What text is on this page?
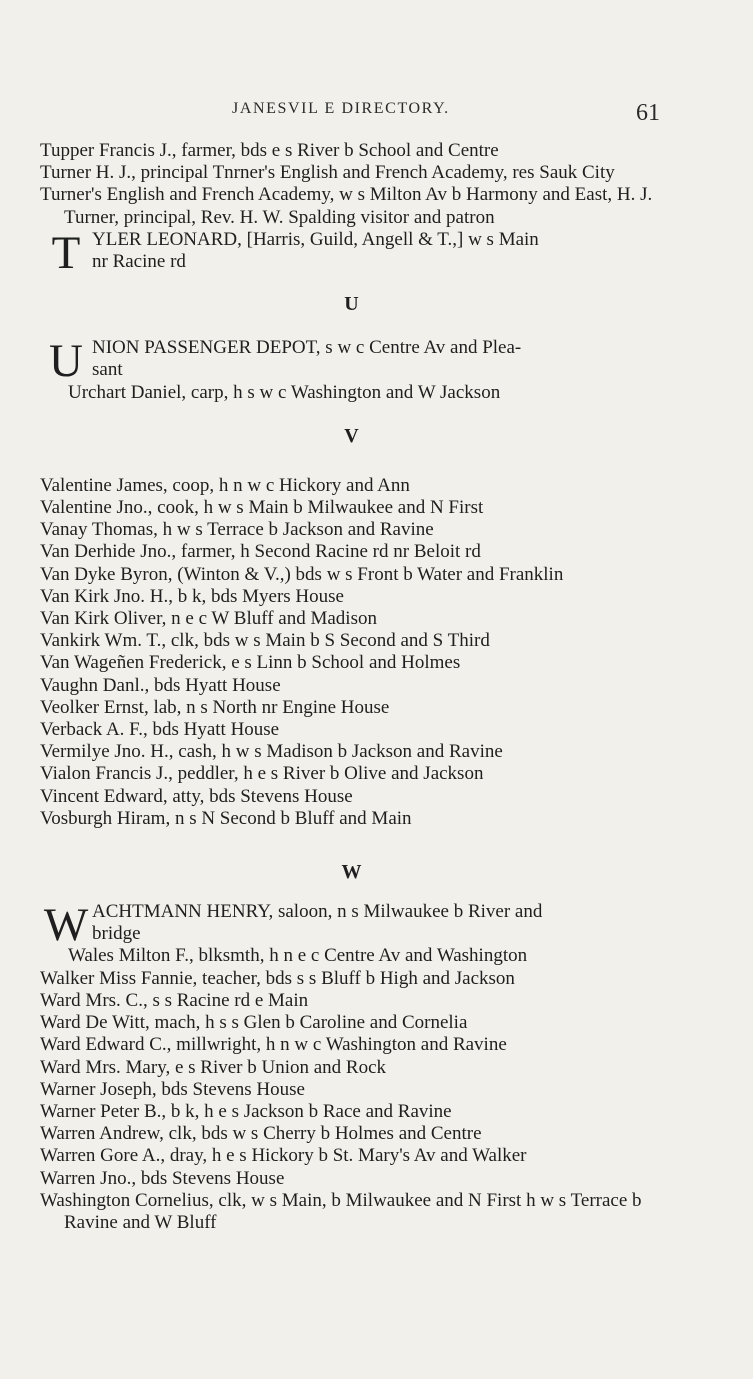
JANESVIL E DIRECTORY.	61

Tupper Francis J., farmer, bds e s River b School and Centre

Turner H. J., principal Tnrner's English and French Academy, res Sauk City

Turner's English and French Academy, w s Milton Av b Harmony and East, H. J. Turner, principal, Rev. H. W. Spalding visitor and patron

T YLER LEONARD, [Harris, Guild, Angell & T.,] w s Main
nr Racine rd
U
U NION PASSENGER DEPOT, s w c Centre Av and Plea-
sant

Urchart Daniel, carp, h s w c Washington and W Jackson

V

Valentine James, coop, h n w c Hickory and Ann

Valentine Jno., cook, h w s Main b Milwaukee and N First

Vanay Thomas, h w s Terrace b Jackson and Ravine

Van Derhide Jno., farmer, h Second Racine rd nr Beloit rd

Van Dyke Byron, (Winton & V.,) bds w s Front b Water and Franklin

Van Kirk Jno. H., b k, bds Myers House

Van Kirk Oliver, n e c W Bluff and Madison

Vankirk Wm. T., clk, bds w s Main b S Second and S Third

Van Wageñen Frederick, e s Linn b School and Holmes

Vaughn Danl., bds Hyatt House

Veolker Ernst, lab, n s North nr Engine House

Verback A. F., bds Hyatt House

Vermilye Jno. H., cash, h w s Madison b Jackson and Ravine

Vialon Francis J., peddler, h e s River b Olive and Jackson

Vincent Edward, atty, bds Stevens House

Vosburgh Hiram, n s N Second b Bluff and Main

W
W ACHTMANN HENRY, saloon, n s Milwaukee b River and
bridge

Wales Milton F., blksmth, h n e c Centre Av and Washington

Walker Miss Fannie, teacher, bds s s Bluff b High and Jackson

Ward Mrs. C., s s Racine rd e Main

Ward De Witt, mach, h s s Glen b Caroline and Cornelia

Ward Edward C., millwright, h n w c Washington and Ravine

Ward Mrs. Mary, e s River b Union and Rock

Warner Joseph, bds Stevens House

Warner Peter B., b k, h e s Jackson b Race and Ravine

Warren Andrew, clk, bds w s Cherry b Holmes and Centre

Warren Gore A., dray, h e s Hickory b St. Mary's Av and Walker

Warren Jno., bds Stevens House

Washington Cornelius, clk, w s Main, b Milwaukee and N First h w s Terrace b Ravine and W Bluff
